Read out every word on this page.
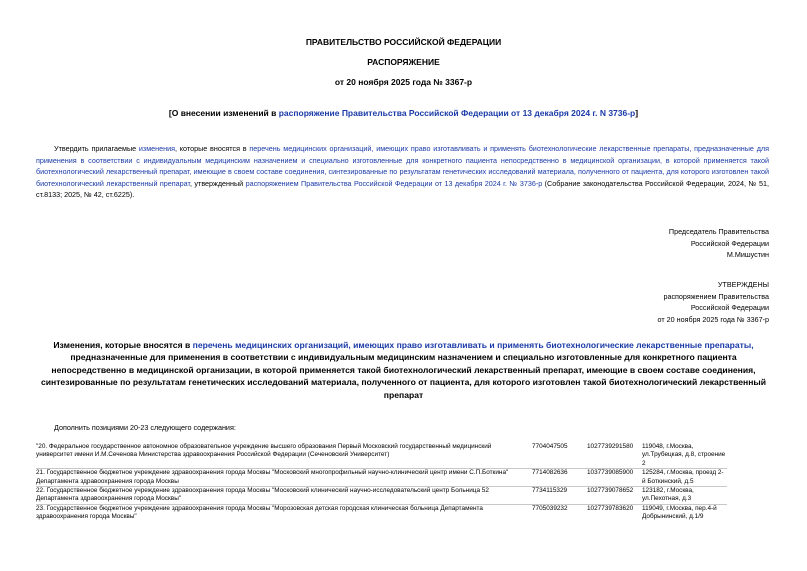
ПРАВИТЕЛЬСТВО РОССИЙСКОЙ ФЕДЕРАЦИИ
РАСПОРЯЖЕНИЕ
от 20 ноября 2025 года № 3367-р
[О внесении изменений в распоряжение Правительства Российской Федерации от 13 декабря 2024 г. N 3736-р]
Утвердить прилагаемые изменения, которые вносятся в перечень медицинских организаций, имеющих право изготавливать и применять биотехнологические лекарственные препараты, предназначенные для применения в соответствии с индивидуальным медицинским назначением и специально изготовленные для конкретного пациента непосредственно в медицинской организации, в которой применяется такой биотехнологический лекарственный препарат, имеющие в своем составе соединения, синтезированные по результатам генетических исследований материала, полученного от пациента, для которого изготовлен такой биотехнологический лекарственный препарат, утвержденный распоряжением Правительства Российской Федерации от 13 декабря 2024 г. № 3736-р (Собрание законодательства Российской Федерации, 2024, № 51, ст.8133; 2025, № 42, ст.6225).
Председатель Правительства
Российской Федерации
М.Мишустин
УТВЕРЖДЕНЫ
распоряжением Правительства
Российской Федерации
от 20 ноября 2025 года № 3367-р
Изменения, которые вносятся в перечень медицинских организаций, имеющих право изготавливать и применять биотехнологические лекарственные препараты, предназначенные для применения в соответствии с индивидуальным медицинским назначением и специально изготовленные для конкретного пациента непосредственно в медицинской организации, в которой применяется такой биотехнологический лекарственный препарат, имеющие в своем составе соединения, синтезированные по результатам генетических исследований материала, полученного от пациента, для которого изготовлен такой биотехнологический лекарственный препарат
Дополнить позициями 20-23 следующего содержания:
"20. Федеральное государственное автономное образовательное учреждение высшего образования Первый Московский государственный медицинский университет имени И.М.Сеченова Министерства здравоохранения Российской Федерации (Сеченовский Университет)	7704047505	1027739291580	119048, г.Москва, ул.Трубецкая, д.8, строение 2
21. Государственное бюджетное учреждение здравоохранения города Москвы "Московский многопрофильный научно-клинический центр имени С.П.Боткина" Департамента здравоохранения города Москвы	7714082636	1037739085900	125284, г.Москва, проезд 2-й Боткинский, д.5
22. Государственное бюджетное учреждение здравоохранения города Москвы "Московский клинический научно-исследовательский центр Больница 52 Департамента здравоохранения города Москвы"	7734115329	1027739078652	123182, г.Москва, ул.Пехотная, д.3
23. Государственное бюджетное учреждение здравоохранения города Москвы "Морозовская детская городская клиническая больница Департамента здравоохранения города Москвы"	7705039232	1027739783620	119049, г.Москва, пер.4-й Добрынинский, д.1/9
